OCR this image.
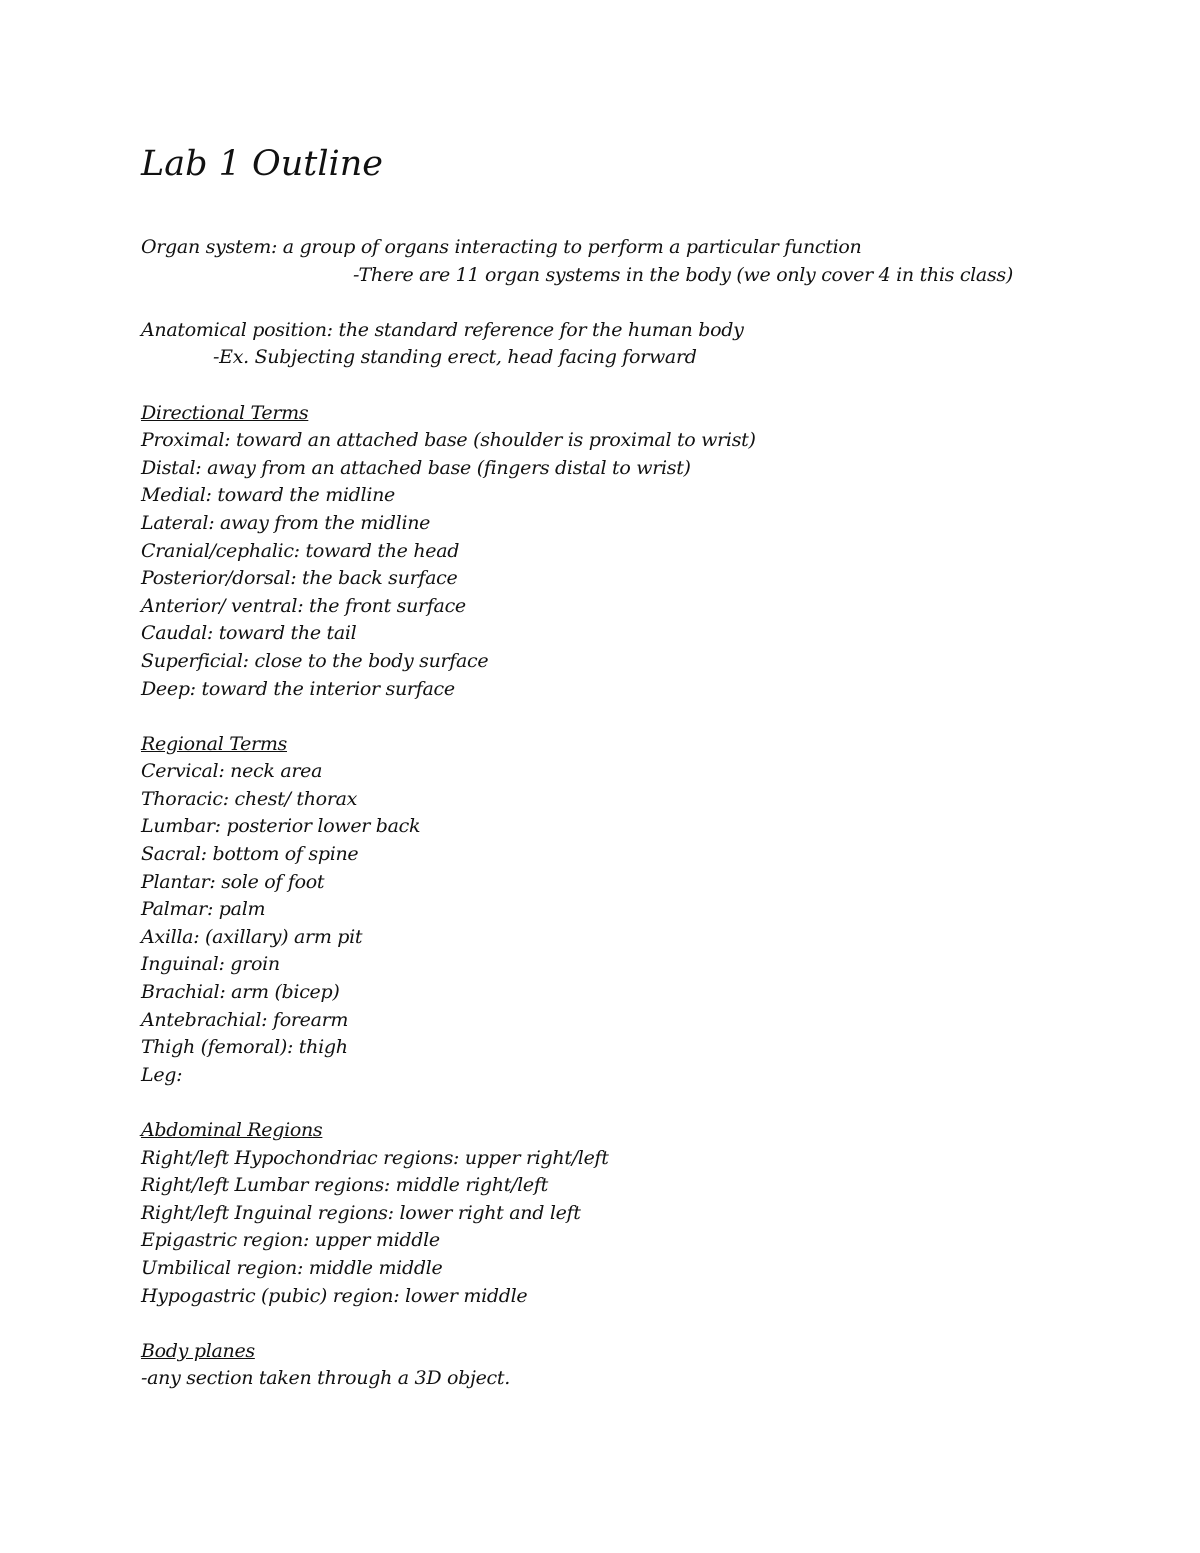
Lab 1 Outline
Organ system: a group of organs interacting to perform a particular function
-There are 11 organ systems in the body (we only cover 4 in this class)
Anatomical position: the standard reference for the human body
-Ex. Subjecting standing erect, head facing forward
Directional Terms
Proximal: toward an attached base (shoulder is proximal to wrist)
Distal: away from an attached base (fingers distal to wrist)
Medial: toward the midline
Lateral: away from the midline
Cranial/cephalic: toward the head
Posterior/dorsal: the back surface
Anterior/ ventral: the front surface
Caudal: toward the tail
Superficial: close to the body surface
Deep: toward the interior surface
Regional Terms
Cervical: neck area
Thoracic: chest/ thorax
Lumbar: posterior lower back
Sacral: bottom of spine
Plantar: sole of foot
Palmar: palm
Axilla: (axillary) arm pit
Inguinal: groin
Brachial: arm (bicep)
Antebrachial: forearm
Thigh (femoral): thigh
Leg:
Abdominal Regions
Right/left Hypochondriac regions: upper right/left
Right/left Lumbar regions: middle right/left
Right/left Inguinal regions: lower right and left
Epigastric region: upper middle
Umbilical region: middle middle
Hypogastric (pubic) region: lower middle
Body planes
-any section taken through a 3D object.
